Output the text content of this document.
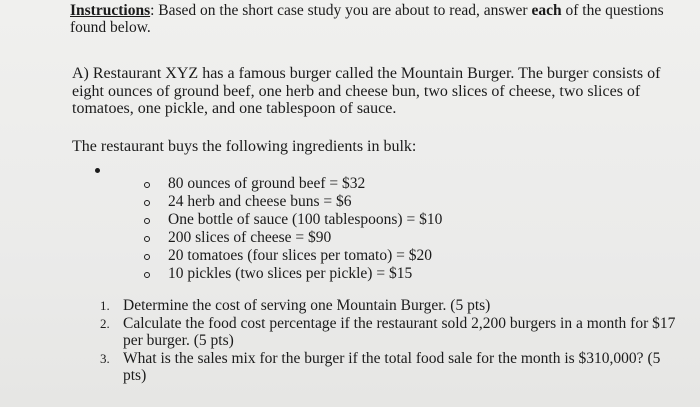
Instructions: Based on the short case study you are about to read, answer each of the questions found below.
A) Restaurant XYZ has a famous burger called the Mountain Burger. The burger consists of eight ounces of ground beef, one herb and cheese bun, two slices of cheese, two slices of tomatoes, one pickle, and one tablespoon of sauce.
The restaurant buys the following ingredients in bulk:
80 ounces of ground beef = $32
24 herb and cheese buns = $6
One bottle of sauce (100 tablespoons) = $10
200 slices of cheese = $90
20 tomatoes (four slices per tomato) = $20
10 pickles (two slices per pickle) = $15
1. Determine the cost of serving one Mountain Burger. (5 pts)
2. Calculate the food cost percentage if the restaurant sold 2,200 burgers in a month for $17 per burger. (5 pts)
3. What is the sales mix for the burger if the total food sale for the month is $310,000? (5 pts)
